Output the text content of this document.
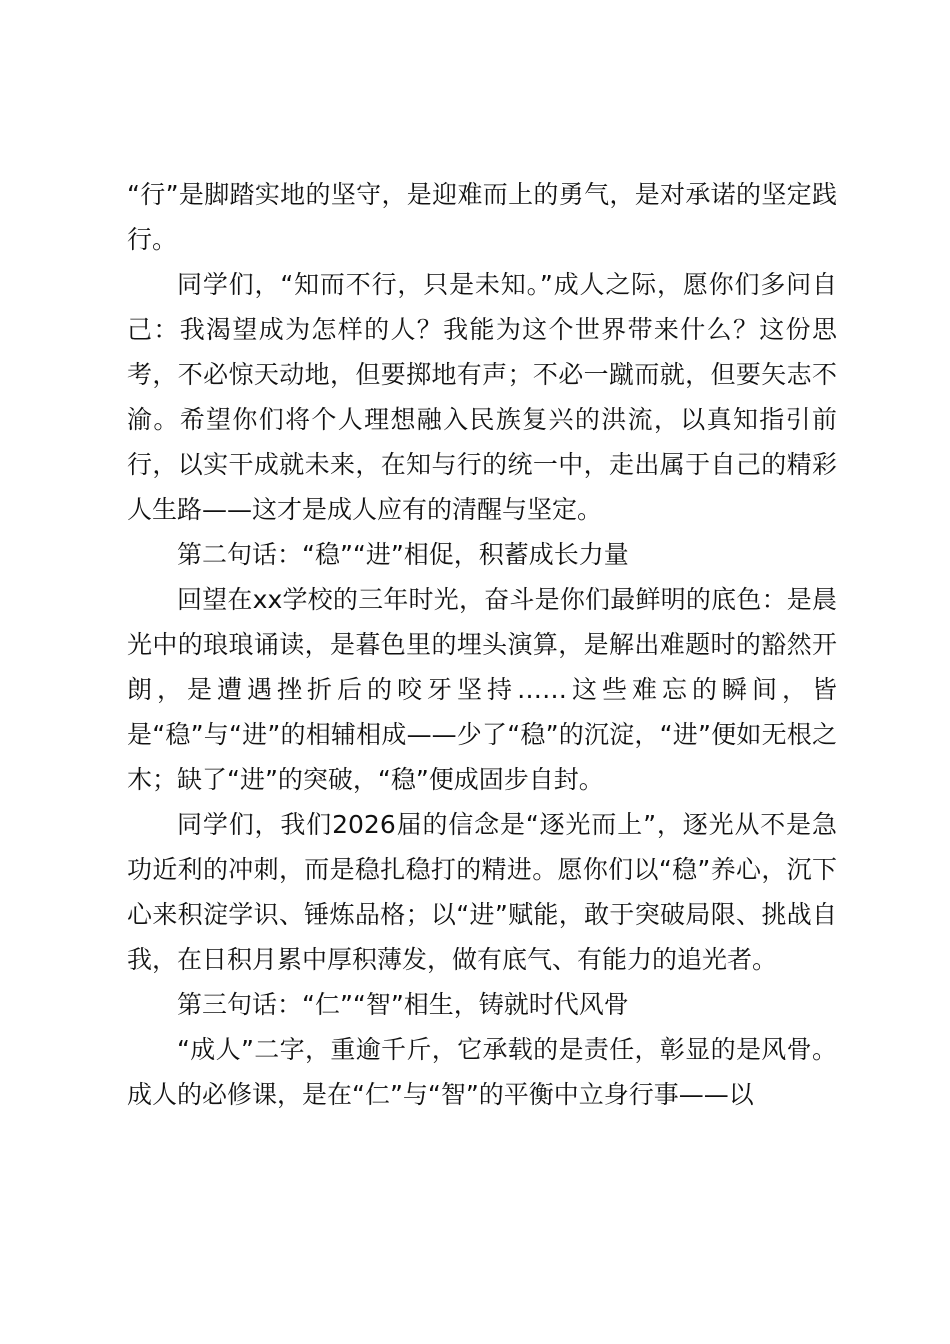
“行”是脚踏实地的坚守，是迎难而上的勇气，是对承诺的坚定践行。

同学们，“知而不行，只是未知。”成人之际，愿你们多问自己：我渴望成为怎样的人？我能为这个世界带来什么？这份思考，不必惊天动地，但要掷地有声；不必一蹴而就，但要矢志不渝。希望你们将个人理想融入民族复兴的洪流，以真知指引前行，以实干成就未来，在知与行的统一中，走出属于自己的精彩人生路——这才是成人应有的清醒与坚定。

第二句话：“稳”“进”相促，积蓄成长力量

回望在xx学校的三年时光，奋斗是你们最鲜明的底色：是晨光中的琅琅诵读，是暮色里的埋头演算，是解出难题时的豁然开朗，是遭遇挫折后的咬牙坚持……这些难忘的瞬间，皆是“稳”与“进”的相辅相成——少了“稳”的沉淀，“进”便如无根之木；缺了“进”的突破，“稳”便成固步自封。

同学们，我们2026届的信念是“逐光而上”，逐光从不是急功近利的冲刺，而是稳扎稳打的精进。愿你们以“稳”养心，沉下心来积淀学识、锤炼品格；以“进”赋能，敢于突破局限、挑战自我，在日积月累中厚积薄发，做有底气、有能力的追光者。

第三句话：“仁”“智”相生，铸就时代风骨

“成人”二字，重逾千斤，它承载的是责任，彰显的是风骨。成人的必修课，是在“仁”与“智”的平衡中立身行事——以
